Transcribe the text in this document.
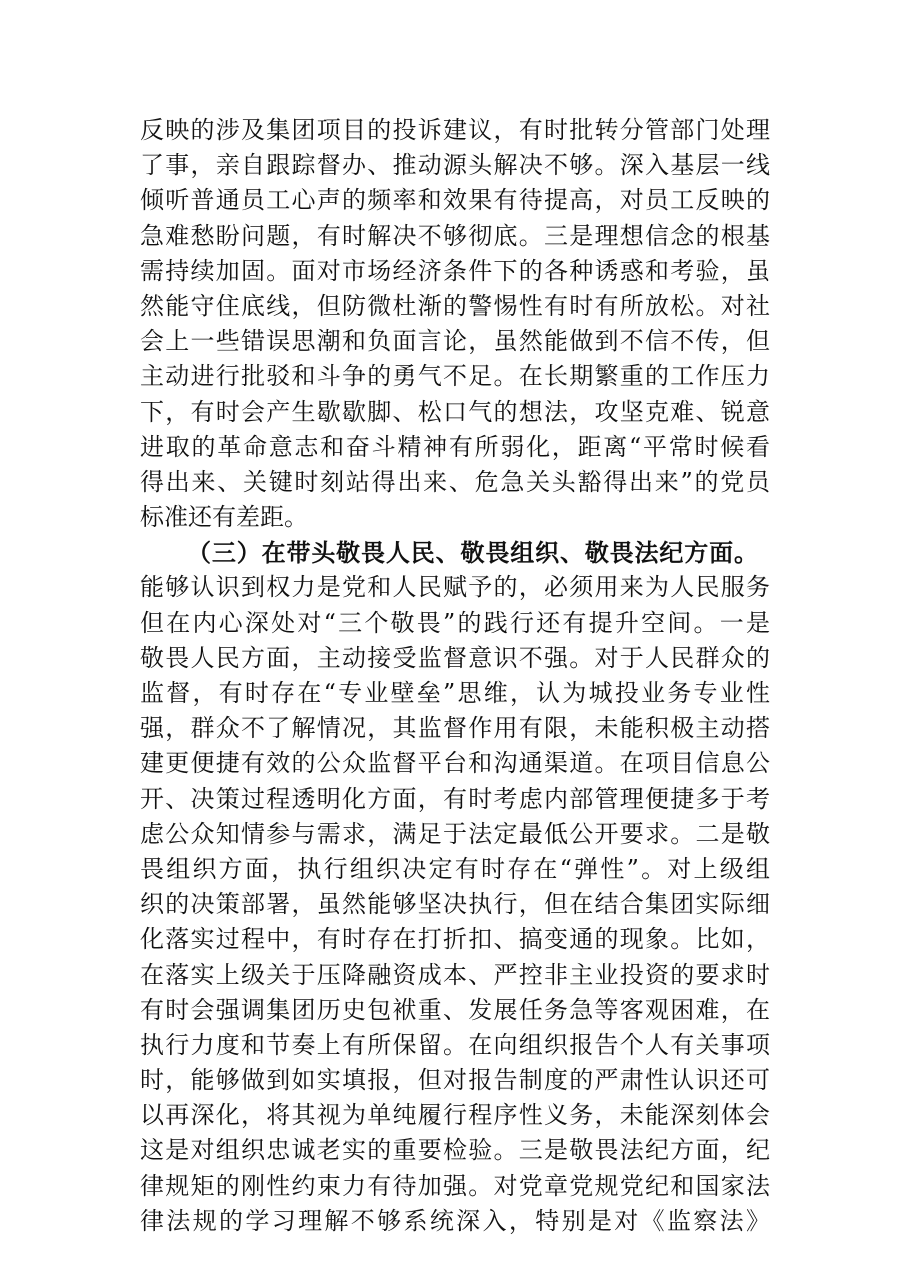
反映的涉及集团项目的投诉建议，有时批转分管部门处理
了事，亲自跟踪督办、推动源头解决不够。深入基层一线
倾听普通员工心声的频率和效果有待提高，对员工反映的
急难愁盼问题，有时解决不够彻底。三是理想信念的根基
需持续加固。面对市场经济条件下的各种诱惑和考验，虽
然能守住底线，但防微杜渐的警惕性有时有所放松。对社
会上一些错误思潮和负面言论，虽然能做到不信不传，但
主动进行批驳和斗争的勇气不足。在长期繁重的工作压力
下，有时会产生歇歇脚、松口气的想法，攻坚克难、锐意
进取的革命意志和奋斗精神有所弱化，距离“平常时候看
得出来、关键时刻站得出来、危急关头豁得出来”的党员
标准还有差距。
（三）在带头敬畏人民、敬畏组织、敬畏法纪方面。
能够认识到权力是党和人民赋予的，必须用来为人民服务
但在内心深处对“三个敬畏”的践行还有提升空间。一是
敬畏人民方面，主动接受监督意识不强。对于人民群众的
监督，有时存在“专业壁垒”思维，认为城投业务专业性
强，群众不了解情况，其监督作用有限，未能积极主动搭
建更便捷有效的公众监督平台和沟通渠道。在项目信息公
开、决策过程透明化方面，有时考虑内部管理便捷多于考
虑公众知情参与需求，满足于法定最低公开要求。二是敬
畏组织方面，执行组织决定有时存在“弹性”。对上级组
织的决策部署，虽然能够坚决执行，但在结合集团实际细
化落实过程中，有时存在打折扣、搞变通的现象。比如，
在落实上级关于压降融资成本、严控非主业投资的要求时
有时会强调集团历史包袱重、发展任务急等客观困难，在
执行力度和节奏上有所保留。在向组织报告个人有关事项
时，能够做到如实填报，但对报告制度的严肃性认识还可
以再深化，将其视为单纯履行程序性义务，未能深刻体会
这是对组织忠诚老实的重要检验。三是敬畏法纪方面，纪
律规矩的刚性约束力有待加强。对党章党规党纪和国家法
律法规的学习理解不够系统深入，特别是对《监察法》
